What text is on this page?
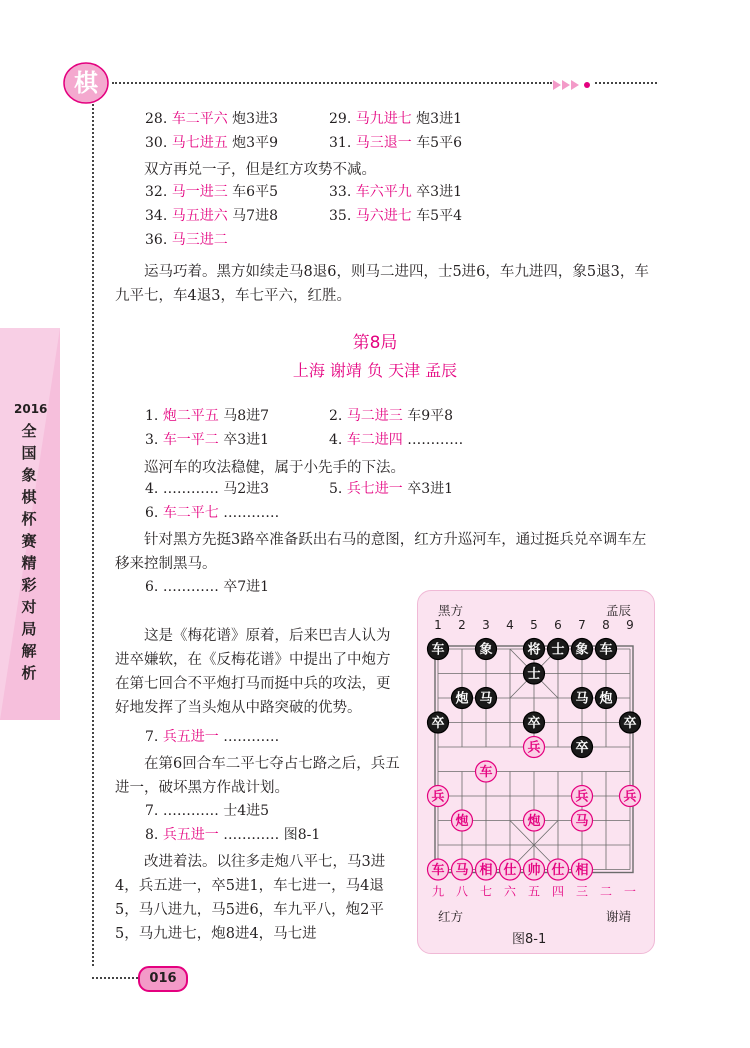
棋
2016
全
国
象
棋
杯
赛
精
彩
对
局
解
析
28. 车二平六 炮3进3	29. 马九进七 炮3进1
30. 马七进五 炮3平9	31. 马三退一 车5平6
32. 马一进三 车6平5	33. 车六平九 卒3进1
34. 马五进六 马7进8	35. 马六进七 车5平4
36. 马三进二
双方再兑一子，但是红方攻势不减。
运马巧着。黑方如续走马8退6，则马二进四，士5进6，车九进四，象5退3，车九平七，车4退3，车七平六，红胜。
第8局
上海 谢靖 负 天津 孟辰
1. 炮二平五 马8进7	2. 马二进三 车9平8
3. 车一平二 卒3进1	4. 车二进四 …………
4. ………… 马2进3	5. 兵七进一 卒3进1
6. 车二平七 …………
6. ………… 卒7进1
7. 兵五进一 …………
7. ………… 士4进5
8. 兵五进一 ………… 图8-1
巡河车的攻法稳健，属于小先手的下法。
针对黑方先挺3路卒准备跃出右马的意图，红方升巡河车，通过挺兵兑卒调车左移来控制黑马。
这是《梅花谱》原着，后来巴吉人认为进卒嫌软，在《反梅花谱》中提出了中炮方在第七回合不平炮打马而挺中兵的攻法，更好地发挥了当头炮从中路突破的优势。
在第6回合车二平七夺占七路之后，兵五进一，破坏黑方作战计划。
改进着法。以往多走炮八平七，马3进4，兵五进一，卒5进1，车七进一，马4退5，马八进九，马5进6，车九平八，炮2平5，马九进七，炮8进4，马七进
黑方	孟辰
红方	谢靖
图8-1
1 2 3 4 5 6 7 8 9
九 八 七 六 五 四 三 二 一
车	象	将 士 象 车
士
炮 马	马 炮
卒	卒	卒
卒
兵
车
兵	兵	兵
炮	炮	马
车 马 相 仕 帅 仕 相
016
